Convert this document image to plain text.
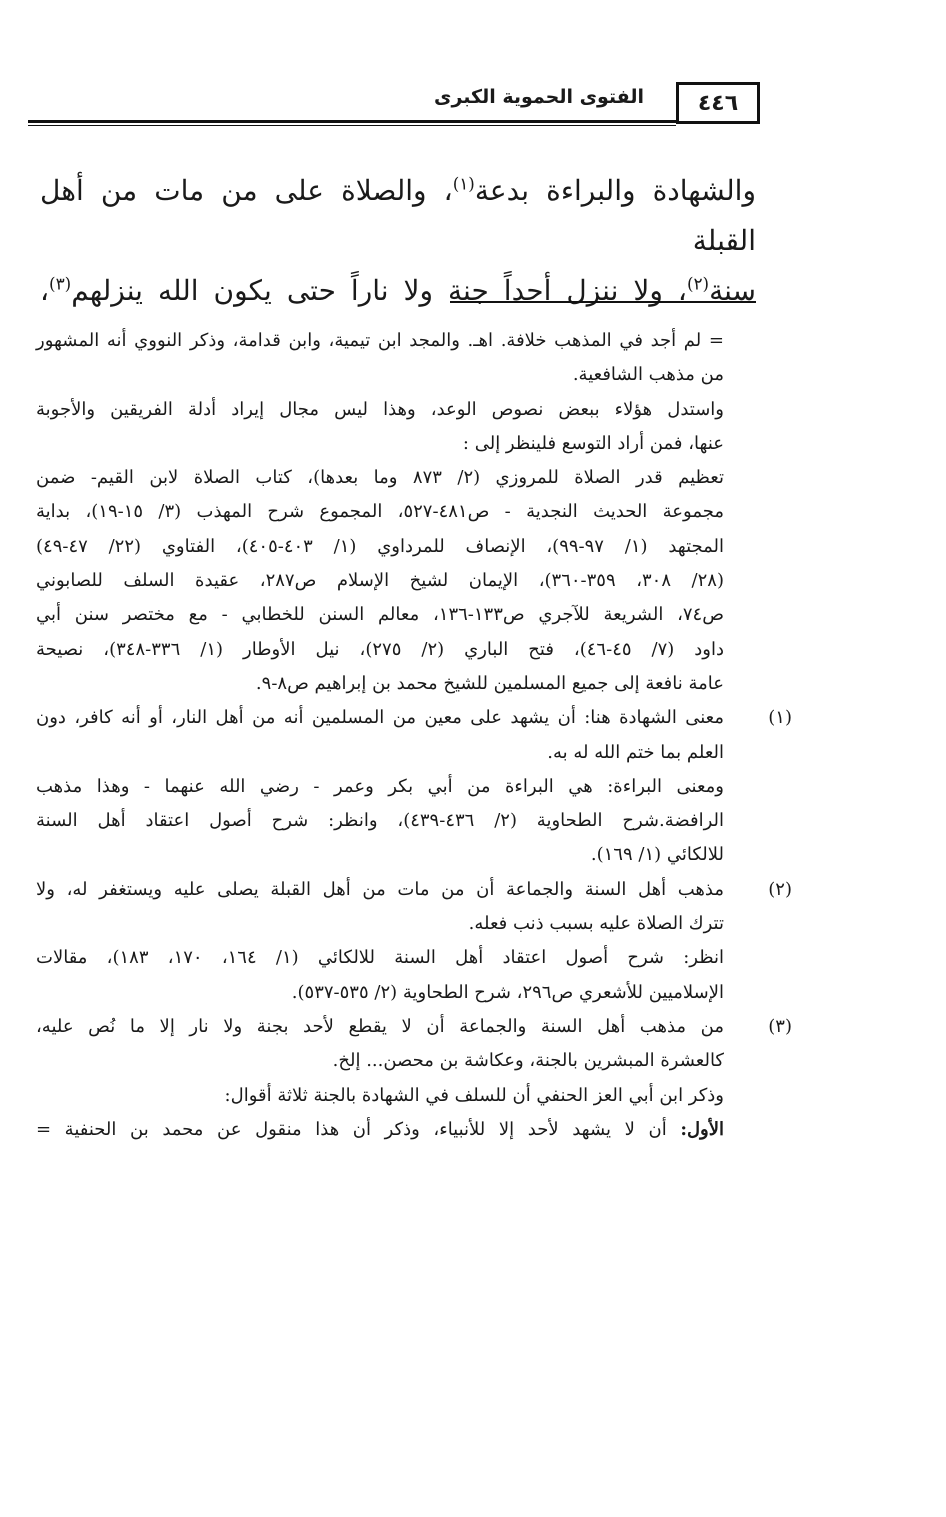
٤٤٦
الفتوى الحموية الكبرى
والشهادة والبراءة بدعة$^{(١)}$، والصلاة على من مات من أهل القبلة
سنة$^{(٢)}$، ولا ننزل أحداً جنة ولا ناراً حتى يكون الله ينزلهم$^{(٣)}$،
= لم أجد في المذهب خلافة. اهـ. والمجد ابن تيمية، وابن قدامة، وذكر النووي أنه المشهور
من مذهب الشافعية.
واستدل هؤلاء ببعض نصوص الوعد، وهذا ليس مجال إيراد أدلة الفريقين والأجوبة
عنها، فمن أراد التوسع فلينظر إلى :
تعظيم قدر الصلاة للمروزي (٢/ ٨٧٣ وما بعدها)، كتاب الصلاة لابن القيم- ضمن
مجموعة الحديث النجدية - ص٤٨١-٥٢٧، المجموع شرح المهذب (٣/ ١٥-١٩)، بداية
المجتهد (١/ ٩٧-٩٩)، الإنصاف للمرداوي (١/ ٤٠٣-٤٠٥)، الفتاوي (٢٢/ ٤٧-٤٩)
(٢٨/ ٣٠٨، ٣٥٩-٣٦٠)، الإيمان لشيخ الإسلام ص٢٨٧، عقيدة السلف للصابوني
ص٧٤، الشريعة للآجري ص١٣٣-١٣٦، معالم السنن للخطابي - مع مختصر سنن أبي
داود (٧/ ٤٥-٤٦)، فتح الباري (٢/ ٢٧٥)، نيل الأوطار (١/ ٣٣٦-٣٤٨)، نصيحة
عامة نافعة إلى جميع المسلمين للشيخ محمد بن إبراهيم ص٨-٩.
(١)
معنى الشهادة هنا: أن يشهد على معين من المسلمين أنه من أهل النار، أو أنه كافر، دون
العلم بما ختم الله له به.
ومعنى البراءة: هي البراءة من أبي بكر وعمر - رضي الله عنهما - وهذا مذهب
الرافضة.شرح الطحاوية (٢/ ٤٣٦-٤٣٩)، وانظر: شرح أصول اعتقاد أهل السنة
للالكائي (١/ ١٦٩).
(٢)
مذهب أهل السنة والجماعة أن من مات من أهل القبلة يصلى عليه ويستغفر له، ولا
تترك الصلاة عليه بسبب ذنب فعله.
انظر: شرح أصول اعتقاد أهل السنة للالكائي (١/ ١٦٤، ١٧٠، ١٨٣)، مقالات
الإسلاميين للأشعري ص٢٩٦، شرح الطحاوية (٢/ ٥٣٥-٥٣٧).
(٣)
من مذهب أهل السنة والجماعة أن لا يقطع لأحد بجنة ولا نار إلا ما نُص عليه،
كالعشرة المبشرين بالجنة، وعكاشة بن محصن... إلخ.
وذكر ابن أبي العز الحنفي أن للسلف في الشهادة بالجنة ثلاثة أقوال:
الأول: أن لا يشهد لأحد إلا للأنبياء، وذكر أن هذا منقول عن محمد بن الحنفية =
